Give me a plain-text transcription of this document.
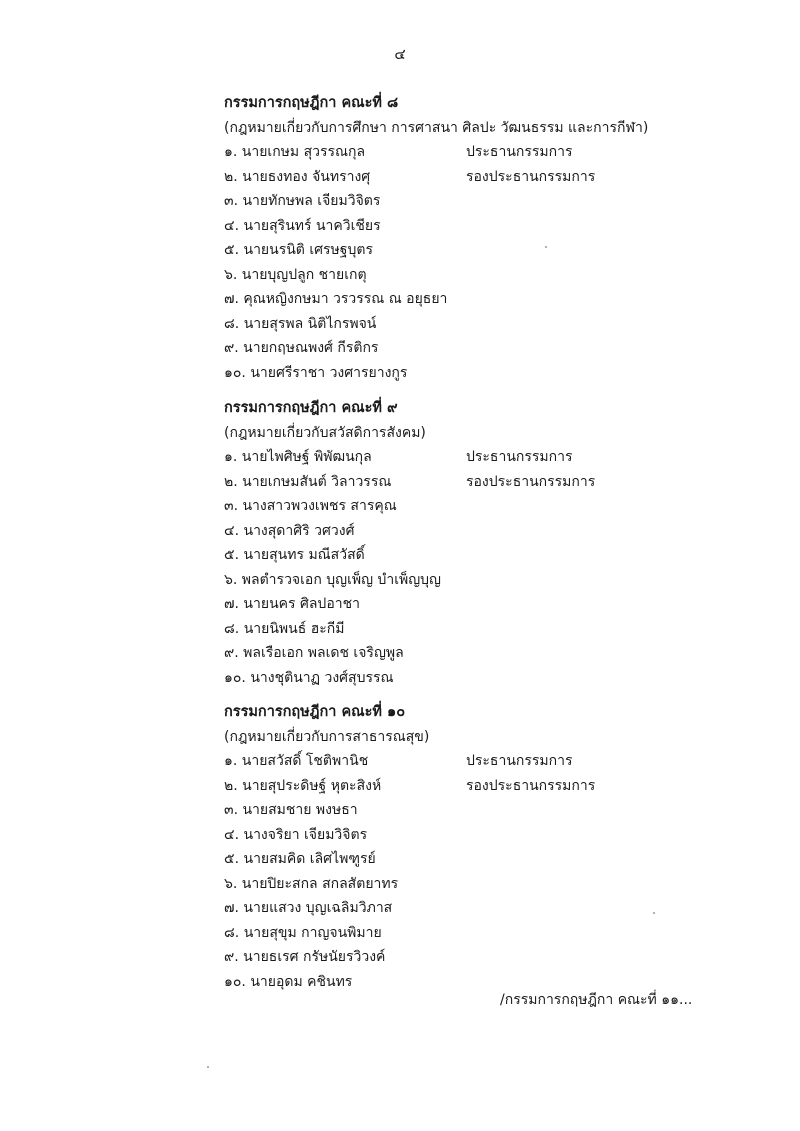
๔
กรรมการกฤษฎีกา คณะที่ ๘
(กฎหมายเกี่ยวกับการศึกษา การศาสนา ศิลปะ วัฒนธรรม และการกีฬา)
๑. นายเกษม สุวรรณกุล	ประธานกรรมการ
๒. นายธงทอง จันทรางศุ	รองประธานกรรมการ
๓. นายทักษพล เจียมวิจิตร
๔. นายสุรินทร์ นาควิเชียร
๕. นายนรนิติ เศรษฐบุตร
๖. นายบุญปลูก ชายเกตุ
๗. คุณหญิงกษมา วรวรรณ ณ อยุธยา
๘. นายสุรพล นิติไกรพจน์
๙. นายกฤษณพงศ์ กีรติกร
๑๐. นายศรีราชา วงศารยางกูร
กรรมการกฤษฎีกา คณะที่ ๙
(กฎหมายเกี่ยวกับสวัสดิการสังคม)
๑. นายไพศิษฐ์ พิพัฒนกุล	ประธานกรรมการ
๒. นายเกษมสันต์ วิลาวรรณ	รองประธานกรรมการ
๓. นางสาวพวงเพชร สารคุณ
๔. นางสุดาศิริ วศวงศ์
๕. นายสุนทร มณีสวัสดิ์
๖. พลตำรวจเอก บุญเพ็ญ บำเพ็ญบุญ
๗. นายนคร ศิลปอาชา
๘. นายนิพนธ์ ฮะกีมี
๙. พลเรือเอก พลเดช เจริญพูล
๑๐. นางชุตินาฏ วงศ์สุบรรณ
กรรมการกฤษฎีกา คณะที่ ๑๐
(กฎหมายเกี่ยวกับการสาธารณสุข)
๑. นายสวัสดิ์ โชติพานิช	ประธานกรรมการ
๒. นายสุประดิษฐ์ หุตะสิงห์	รองประธานกรรมการ
๓. นายสมชาย พงษธา
๔. นางจริยา เจียมวิจิตร
๕. นายสมคิด เลิศไพฑูรย์
๖. นายปิยะสกล สกลสัตยาทร
๗. นายแสวง บุญเฉลิมวิภาส
๘. นายสุขุม กาญจนพิมาย
๙. นายธเรศ กรัษนัยรวิวงค์
๑๐. นายอุดม คชินทร
/กรรมการกฤษฎีกา คณะที่ ๑๑...
